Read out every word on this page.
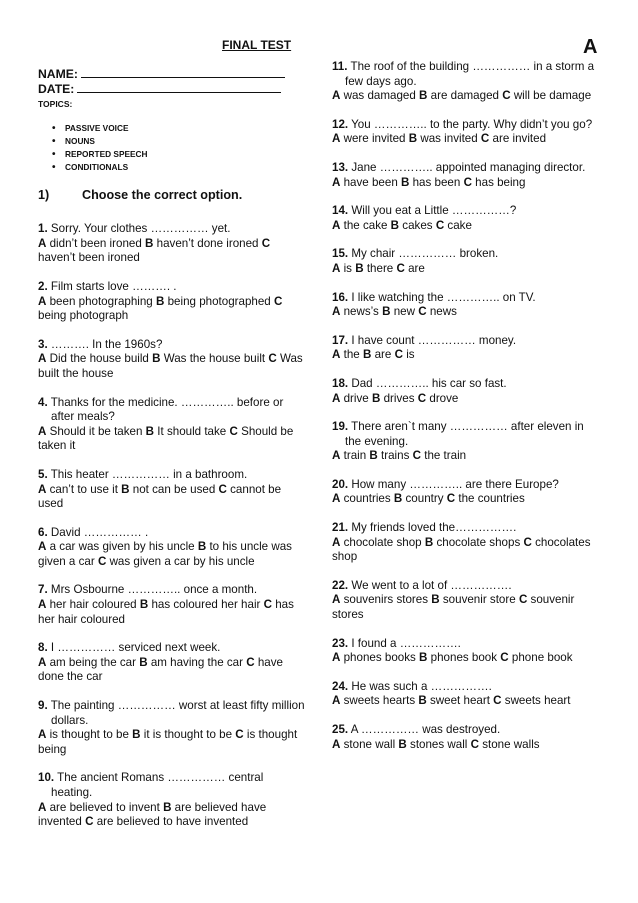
FINAL TEST	A
NAME:
DATE:
TOPICS:
• PASSIVE VOICE
• NOUNS
• REPORTED SPEECH
• CONDITIONALS
1)	Choose the correct option.
1. Sorry. Your clothes …………… yet.
A didn’t been ironed B haven’t done ironed C haven’t been ironed
2. Film starts love ………. .
A been photographing B being photographed C being photograph
3. ………. In the 1960s?
A Did the house build B Was the house built C Was built the house
4. Thanks for the medicine. ………….. before or after meals?
A Should it be taken B It should take C Should be taken it
5. This heater …………… in a bathroom.
A can’t to use it B not can be used C cannot be used
6. David …………… .
A a car was given by his uncle B to his uncle was given a car C was given a car by his uncle
7. Mrs Osbourne ………….. once a month.
A her hair coloured B has coloured her hair C has her hair coloured
8. I …………… serviced next week.
A am being the car B am having the car C have done the car
9. The painting …………… worst at least fifty million dollars.
A is thought to be B it is thought to be C is thought being
10. The ancient Romans …………… central heating.
A are believed to invent B are believed have invented C are believed to have invented
11. The roof of the building …………… in a storm a few days ago.
A was damaged B are damaged C will be damage
12. You ………….. to the party. Why didn’t you go?
A were invited B was invited C are invited
13. Jane ………….. appointed managing director.
A have been B has been C has being
14. Will you eat a Little ……………?
A the cake B cakes C cake
15. My chair …………… broken.
A is B there C are
16. I like watching the ………….. on TV.
A news’s B new C news
17. I have count …………… money.
A the B are C is
18. Dad ………….. his car so fast.
A drive B drives C drove
19. There aren`t many …………… after eleven in the evening.
A train B trains C the train
20. How many ………….. are there Europe?
A countries B country C the countries
21. My friends loved the…………….
A chocolate shop B chocolate shops C chocolates shop
22. We went to a lot of …………….
A souvenirs stores B souvenir store C souvenir stores
23. I found a …………….
A phones books B phones book C phone book
24. He was such a …………….
A sweets hearts B sweet heart C sweets heart
25. A …………… was destroyed.
A stone wall B stones wall C stone walls
